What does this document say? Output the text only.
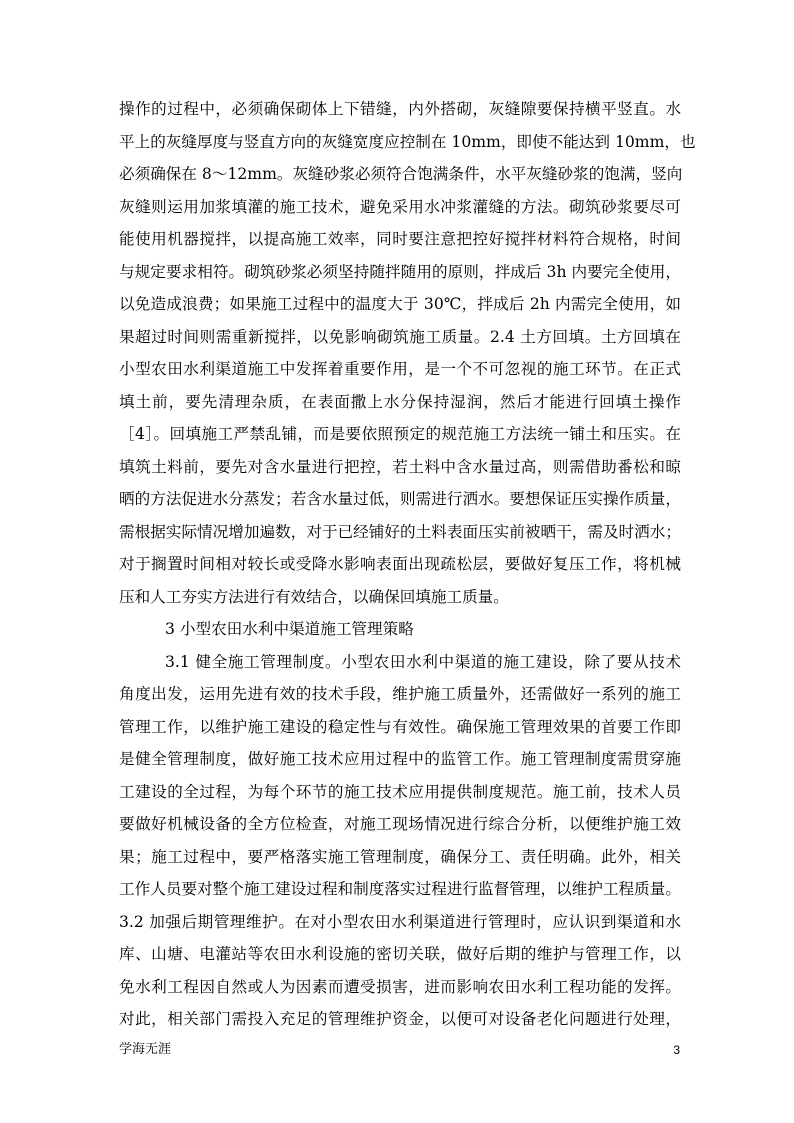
操作的过程中，必须确保砌体上下错缝，内外搭砌，灰缝隙要保持横平竖直。水
平上的灰缝厚度与竖直方向的灰缝宽度应控制在 10mm，即使不能达到 10mm，也
必须确保在 8～12mm。灰缝砂浆必须符合饱满条件，水平灰缝砂浆的饱满，竖向
灰缝则运用加浆填灌的施工技术，避免采用水冲浆灌缝的方法。砌筑砂浆要尽可
能使用机器搅拌，以提高施工效率，同时要注意把控好搅拌材料符合规格，时间
与规定要求相符。砌筑砂浆必须坚持随拌随用的原则，拌成后 3h 内要完全使用，
以免造成浪费；如果施工过程中的温度大于 30℃，拌成后 2h 内需完全使用，如
果超过时间则需重新搅拌，以免影响砌筑施工质量。2.4 土方回填。土方回填在
小型农田水利渠道施工中发挥着重要作用，是一个不可忽视的施工环节。在正式
填土前，要先清理杂质，在表面撒上水分保持湿润，然后才能进行回填土操作
［4］。回填施工严禁乱铺，而是要依照预定的规范施工方法统一铺土和压实。在
填筑土料前，要先对含水量进行把控，若土料中含水量过高，则需借助番松和晾
晒的方法促进水分蒸发；若含水量过低，则需进行洒水。要想保证压实操作质量，
需根据实际情况增加遍数，对于已经铺好的土料表面压实前被晒干，需及时洒水；
对于搁置时间相对较长或受降水影响表面出现疏松层，要做好复压工作，将机械
压和人工夯实方法进行有效结合，以确保回填施工质量。
3 小型农田水利中渠道施工管理策略
3.1 健全施工管理制度。小型农田水利中渠道的施工建设，除了要从技术
角度出发，运用先进有效的技术手段，维护施工质量外，还需做好一系列的施工
管理工作，以维护施工建设的稳定性与有效性。确保施工管理效果的首要工作即
是健全管理制度，做好施工技术应用过程中的监管工作。施工管理制度需贯穿施
工建设的全过程，为每个环节的施工技术应用提供制度规范。施工前，技术人员
要做好机械设备的全方位检查，对施工现场情况进行综合分析，以便维护施工效
果；施工过程中，要严格落实施工管理制度，确保分工、责任明确。此外，相关
工作人员要对整个施工建设过程和制度落实过程进行监督管理，以维护工程质量。
3.2 加强后期管理维护。在对小型农田水利渠道进行管理时，应认识到渠道和水
库、山塘、电灌站等农田水利设施的密切关联，做好后期的维护与管理工作，以
免水利工程因自然或人为因素而遭受损害，进而影响农田水利工程功能的发挥。
对此，相关部门需投入充足的管理维护资金，以便可对设备老化问题进行处理，
学海无涯	3
